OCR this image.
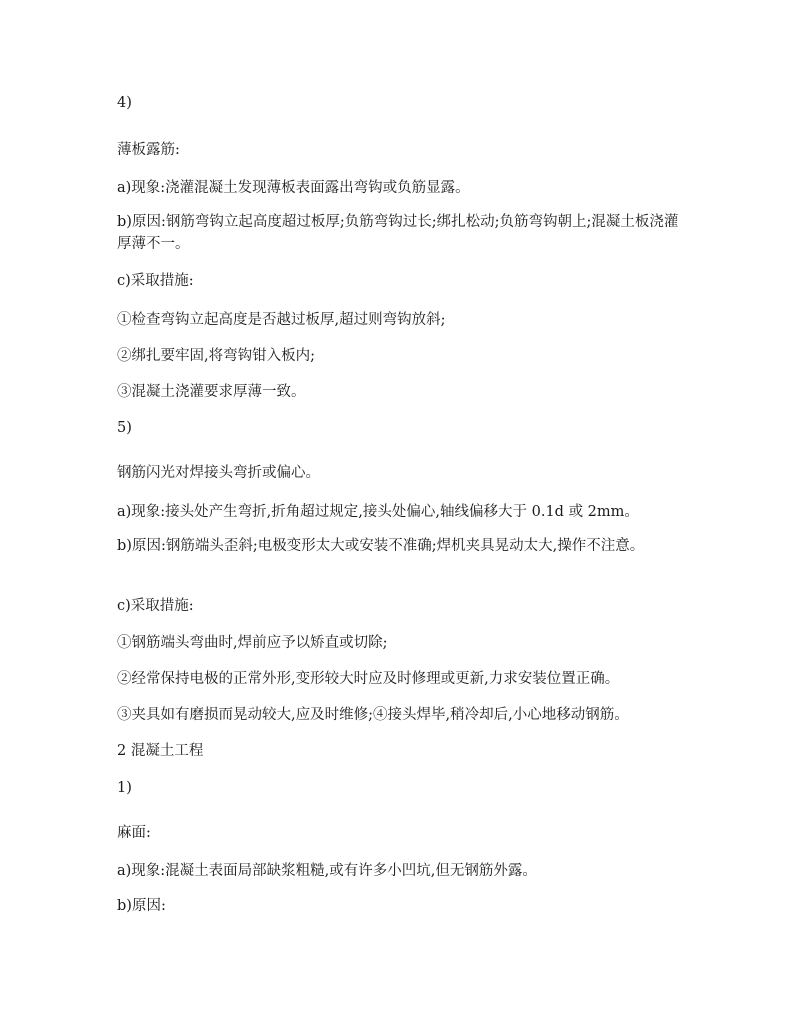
4)
薄板露筋:
a)现象:浇灌混凝土发现薄板表面露出弯钩或负筋显露。
b)原因:钢筋弯钩立起高度超过板厚;负筋弯钩过长;绑扎松动;负筋弯钩朝上;混凝土板浇灌厚薄不一。
c)采取措施:
①检查弯钩立起高度是否越过板厚,超过则弯钩放斜;
②绑扎要牢固,将弯钩钳入板内;
③混凝土浇灌要求厚薄一致。
5)
钢筋闪光对焊接头弯折或偏心。
a)现象:接头处产生弯折,折角超过规定,接头处偏心,轴线偏移大于 0.1d 或 2mm。
b)原因:钢筋端头歪斜;电极变形太大或安装不准确;焊机夹具晃动太大,操作不注意。
c)采取措施:
①钢筋端头弯曲时,焊前应予以矫直或切除;
②经常保持电极的正常外形,变形较大时应及时修理或更新,力求安装位置正确。
③夹具如有磨损而晃动较大,应及时维修;④接头焊毕,稍冷却后,小心地移动钢筋。
2 混凝土工程
1)
麻面:
a)现象:混凝土表面局部缺浆粗糙,或有许多小凹坑,但无钢筋外露。
b)原因:
